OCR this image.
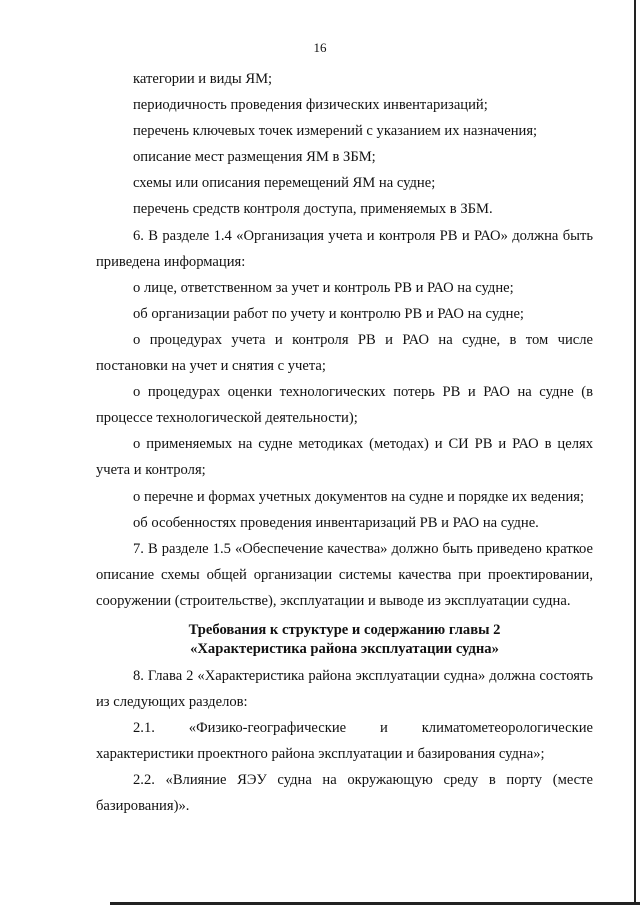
16

категории и виды ЯМ;

периодичность проведения физических инвентаризаций;

перечень ключевых точек измерений с указанием их назначения;

описание мест размещения ЯМ в ЗБМ;

схемы или описания перемещений ЯМ на судне;

перечень средств контроля доступа, применяемых в ЗБМ.

6. В разделе 1.4 «Организация учета и контроля РВ и РАО» должна быть приведена информация:

о лице, ответственном за учет и контроль РВ и РАО на судне;

об организации работ по учету и контролю РВ и РАО на судне;

о процедурах учета и контроля РВ и РАО на судне, в том числе постановки на учет и снятия с учета;

о процедурах оценки технологических потерь РВ и РАО на судне (в процессе технологической деятельности);

о применяемых на судне методиках (методах) и СИ РВ и РАО в целях учета и контроля;

о перечне и формах учетных документов на судне и порядке их ведения;

об особенностях проведения инвентаризаций РВ и РАО на судне.

7. В разделе 1.5 «Обеспечение качества» должно быть приведено краткое описание схемы общей организации системы качества при проектировании, сооружении (строительстве), эксплуатации и выводе из эксплуатации судна.

Требования к структуре и содержанию главы 2
«Характеристика района эксплуатации судна»

8. Глава 2 «Характеристика района эксплуатации судна» должна состоять из следующих разделов:

2.1. «Физико-географические и климатометеорологические характеристики проектного района эксплуатации и базирования судна»;

2.2. «Влияние ЯЭУ судна на окружающую среду в порту (месте базирования)».
